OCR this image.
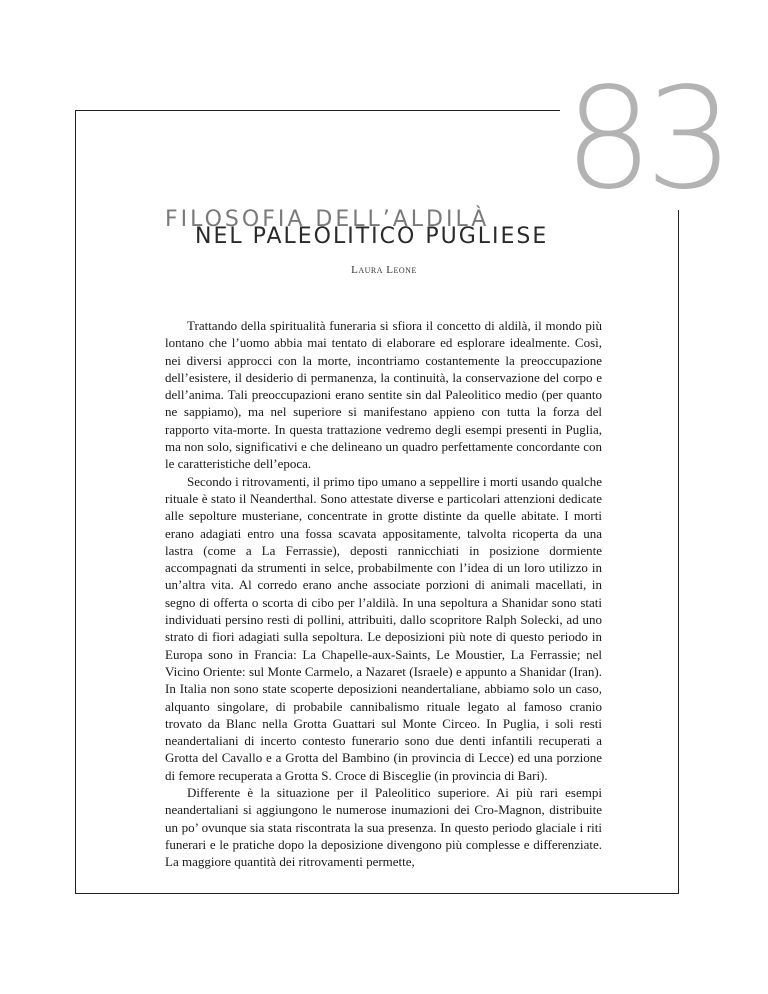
83
FILOSOFIA DELL’ALDILÀ
NEL PALEOLITICO PUGLIESE
Laura Leone

Trattando della spiritualità funeraria si sfiora il concetto di aldilà, il mondo più lontano che l’uomo abbia mai tentato di elaborare ed esplorare idealmente. Così, nei diversi approcci con la morte, incontriamo costantemente la preoccupazione dell’esistere, il desiderio di permanenza, la continuità, la conservazione del corpo e dell’anima. Tali preoccupazioni erano sentite sin dal Paleolitico medio (per quanto ne sappiamo), ma nel superiore si manifestano appieno con tutta la forza del rapporto vita-morte. In questa trattazione vedremo degli esempi presenti in Puglia, ma non solo, significativi e che delineano un quadro perfettamente concordante con le caratteristiche dell’epoca.

Secondo i ritrovamenti, il primo tipo umano a seppellire i morti usando qualche rituale è stato il Neanderthal. Sono attestate diverse e particolari attenzioni dedicate alle sepolture musteriane, concentrate in grotte distinte da quelle abitate. I morti erano adagiati entro una fossa scavata appositamente, talvolta ricoperta da una lastra (come a La Ferrassie), deposti rannicchiati in posizione dormiente accompagnati da strumenti in selce, probabilmente con l’idea di un loro utilizzo in un’altra vita. Al corredo erano anche associate porzioni di animali macellati, in segno di offerta o scorta di cibo per l’aldilà. In una sepoltura a Shanidar sono stati individuati persino resti di pollini, attribuiti, dallo scopritore Ralph Solecki, ad uno strato di fiori adagiati sulla sepoltura. Le deposizioni più note di questo periodo in Europa sono in Francia: La Chapelle-aux-Saints, Le Moustier, La Ferrassie; nel Vicino Oriente: sul Monte Carmelo, a Nazaret (Israele) e appunto a Shanidar (Iran). In Italia non sono state scoperte deposizioni neandertaliane, abbiamo solo un caso, alquanto singolare, di probabile cannibalismo rituale legato al famoso cranio trovato da Blanc nella Grotta Guattari sul Monte Circeo. In Puglia, i soli resti neandertaliani di incerto contesto funerario sono due denti infantili recuperati a Grotta del Cavallo e a Grotta del Bambino (in provincia di Lecce) ed una porzione di femore recuperata a Grotta S. Croce di Bisceglie (in provincia di Bari).

Differente è la situazione per il Paleolitico superiore. Ai più rari esempi neandertaliani si aggiungono le numerose inumazioni dei Cro-Magnon, distribuite un po’ ovunque sia stata riscontrata la sua presenza. In questo periodo glaciale i riti funerari e le pratiche dopo la deposizione divengono più complesse e differenziate. La maggiore quantità dei ritrovamenti permette,
